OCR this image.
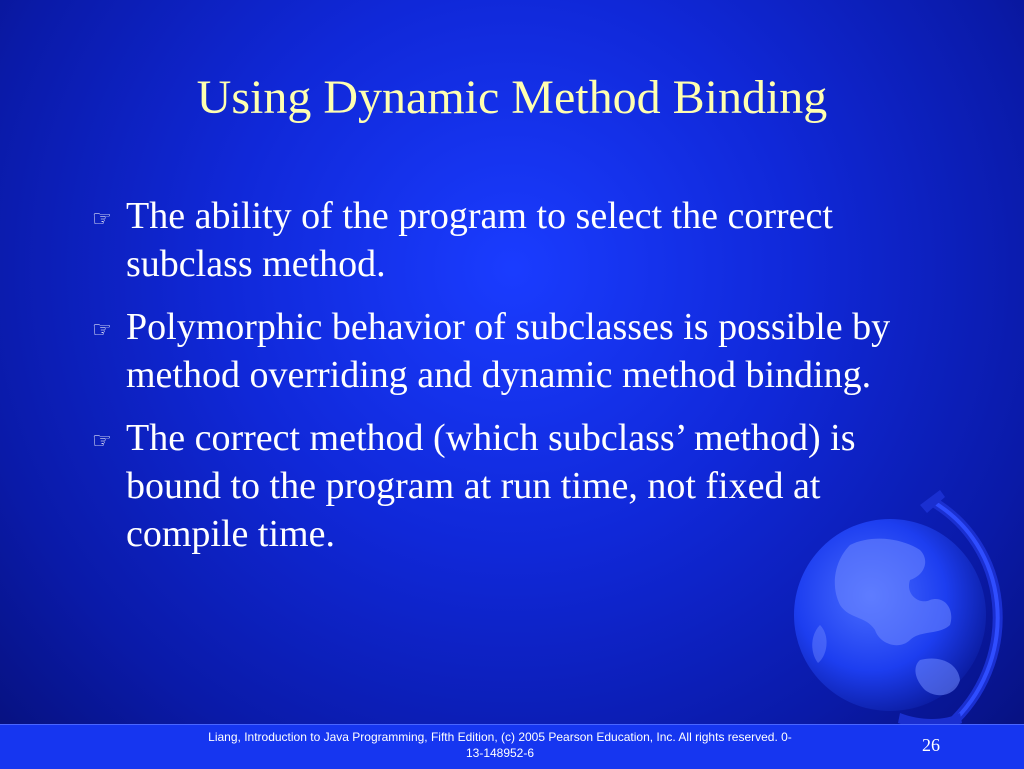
Using Dynamic Method Binding
☞ The ability of the program to select the correct subclass method.
☞ Polymorphic behavior of subclasses is possible by method overriding and dynamic method binding.
☞ The correct method (which subclass’ method) is bound to the program at run time, not fixed at compile time.
Liang, Introduction to Java Programming, Fifth Edition, (c) 2005 Pearson Education, Inc. All rights reserved. 0-13-148952-6	26
